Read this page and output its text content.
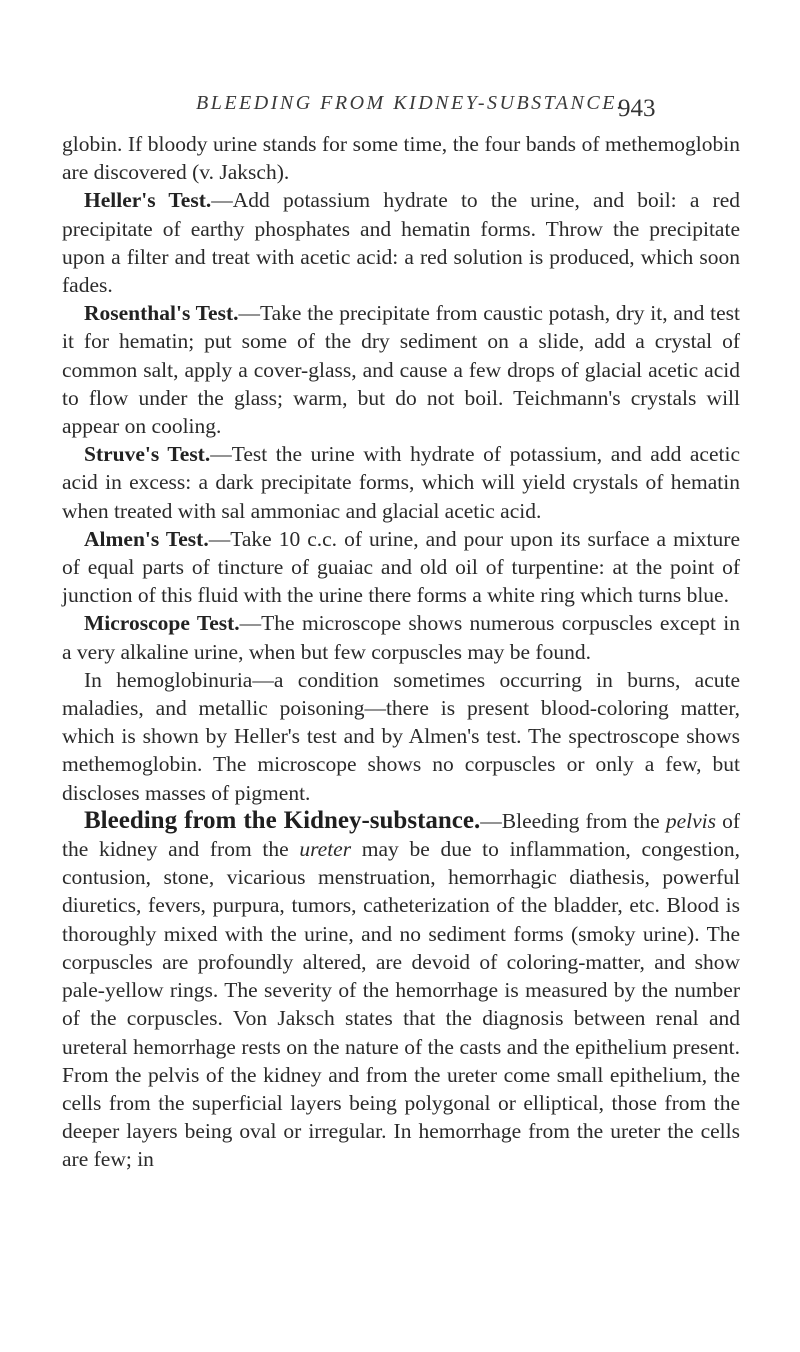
BLEEDING FROM KIDNEY-SUBSTANCE.
943

globin. If bloody urine stands for some time, the four bands of methemoglobin are discovered (v. Jaksch).

Heller's Test.—Add potassium hydrate to the urine, and boil: a red precipitate of earthy phosphates and hematin forms. Throw the precipitate upon a filter and treat with acetic acid: a red solution is produced, which soon fades.

Rosenthal's Test.—Take the precipitate from caustic potash, dry it, and test it for hematin; put some of the dry sediment on a slide, add a crystal of common salt, apply a cover-glass, and cause a few drops of glacial acetic acid to flow under the glass; warm, but do not boil. Teichmann's crystals will appear on cooling.

Struve's Test.—Test the urine with hydrate of potassium, and add acetic acid in excess: a dark precipitate forms, which will yield crystals of hematin when treated with sal ammoniac and glacial acetic acid.

Almen's Test.—Take 10 c.c. of urine, and pour upon its surface a mixture of equal parts of tincture of guaiac and old oil of turpentine: at the point of junction of this fluid with the urine there forms a white ring which turns blue.

Microscope Test.—The microscope shows numerous corpuscles except in a very alkaline urine, when but few corpuscles may be found.

In hemoglobinuria—a condition sometimes occurring in burns, acute maladies, and metallic poisoning—there is present blood-coloring matter, which is shown by Heller's test and by Almen's test. The spectroscope shows methemoglobin. The microscope shows no corpuscles or only a few, but discloses masses of pigment.

Bleeding from the Kidney-substance.—Bleeding from the pelvis of the kidney and from the ureter may be due to inflammation, congestion, contusion, stone, vicarious menstruation, hemorrhagic diathesis, powerful diuretics, fevers, purpura, tumors, catheterization of the bladder, etc. Blood is thoroughly mixed with the urine, and no sediment forms (smoky urine). The corpuscles are profoundly altered, are devoid of coloring-matter, and show pale-yellow rings. The severity of the hemorrhage is measured by the number of the corpuscles. Von Jaksch states that the diagnosis between renal and ureteral hemorrhage rests on the nature of the casts and the epithelium present. From the pelvis of the kidney and from the ureter come small epithelium, the cells from the superficial layers being polygonal or elliptical, those from the deeper layers being oval or irregular. In hemorrhage from the ureter the cells are few; in
